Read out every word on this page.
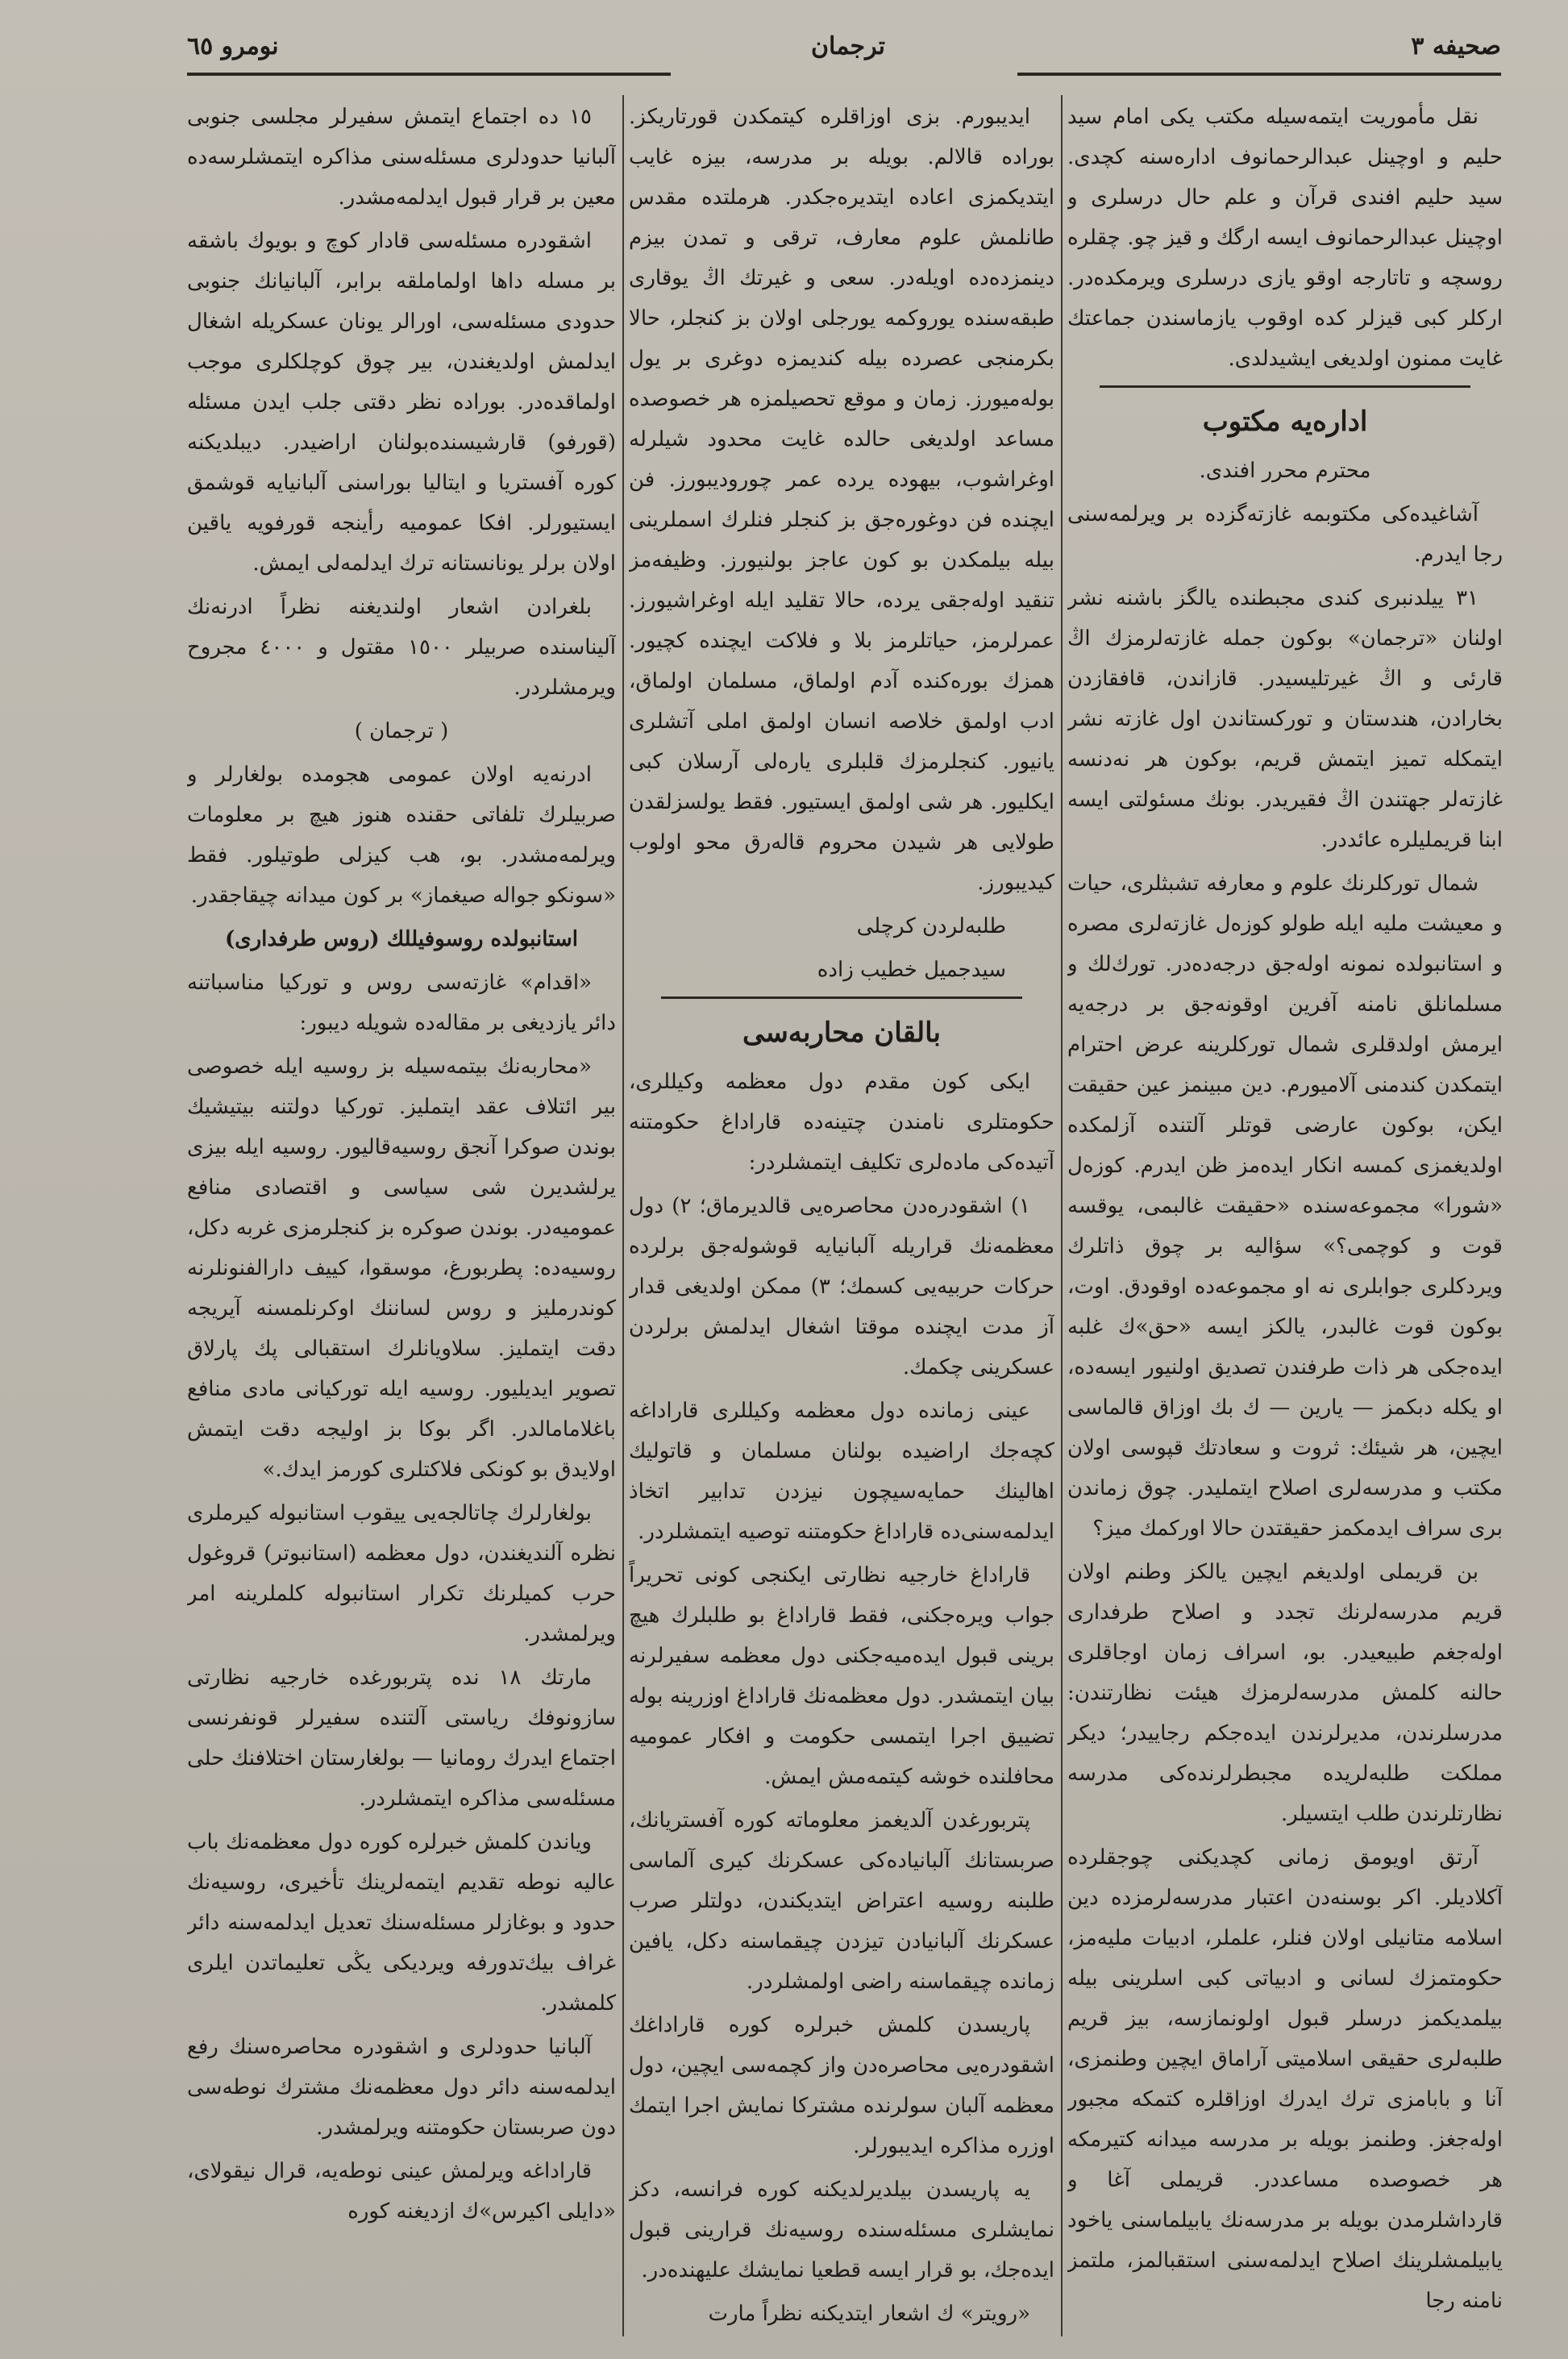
صحيفه ٣
ترجمان
نومرو ٦٥

نقل مأموريت ايتمه‌سيله مكتب يكى امام سيد حليم و اوچينل عبدالرحمانوف اداره‌سنه كچدى. سيد حليم افندى قرآن و علم حال درسلرى و اوچينل عبدالرحمانوف ايسه ارگك و قيز چو. چقلره روسچه و تاتارجه اوقو يازى درسلرى ويرمكده‌در. اركلر كبى قيزلر كده اوقوب يازماسندن جماعتك غايت ممنون اولديغى ايشيدلدى.

اداره‌يه مكتوب

محترم محرر افندى.

آشاغيده‌كى مكتوبمه غازته‌گزده بر ويرلمه‌سنى رجا ايدرم.

٣١ ييلدنبرى كندى مجبطنده يالگز باشنه نشر اولنان «ترجمان» بوكون جمله غازته‌لرمزك اڭ قارئى و اڭ غيرتليسيدر. قازاندن، قافقازدن بخارادن، هندستان و توركستاندن اول غازته نشر ايتمكله تميز ايتمش قريم، بوكون هر نه‌دنسه غازته‌لر جهتندن اڭ فقيريدر. بونك مسئولتى ايسه ابنا قريمليلره عائددر.

شمال توركلرنك علوم و معارفه تشبثلرى، حيات و معيشت مليه ايله طولو كوزه‌ل غازته‌لرى مصره و استانبولده نمونه اوله‌جق درجه‌ده‌در. تورك‌لك و مسلمانلق نامنه آفرين اوقونه‌جق بر درجه‌يه ايرمش اولدقلرى شمال توركلرينه عرض احترام ايتمكدن كندمنى آلاميورم. دين مبينمز عين حقيقت ايكن، بوكون عارضى قوتلر آلتنده آزلمكده اولديغمزى كمسه انكار ايده‌مز ظن ايدرم. كوزه‌ل «شورا» مجموعه‌سنده «حقيقت غالبمى، يوقسه قوت و كوچمى؟» سؤاليه بر چوق ذاتلرك ويردكلرى جوابلرى نه او مجموعه‌ده اوقودق. اوت، بوكون قوت غالبدر، يالكز ايسه «حق»ك غلبه ايده‌جكى هر ذات طرفندن تصديق اولنيور ايسه‌ده، او يكله دبكمز — يارين — ك بك اوزاق قالماسى ايچين، هر شيئك: ثروت و سعادتك قپوسى اولان مكتب و مدرسه‌لرى اصلاح ايتمليدر. چوق زماندن برى سراف ايدمكمز حقيقتدن حالا اوركمك ميز؟

بن قريملى اولديغم ايچين يالكز وطنم اولان قريم مدرسه‌لرنك تجدد و اصلاح طرفدارى اوله‌جغم طبيعيدر. بو، اسراف زمان اوجاقلرى حالنه كلمش مدرسه‌لرمزك هيئت نظارتندن: مدرسلرندن، مديرلرندن ايده‌جكم رجاييدر؛ ديكر مملكت طلبه‌لريده مجبطرلرنده‌كى مدرسه نظارتلرندن طلب ايتسيلر.

آرتق اويومق زمانى كچديكنى چوجقلرده آكلاديلر. اكر بوسنه‌دن اعتبار مدرسه‌لرمزده دين اسلامه متانيلى اولان فنلر، علملر، ادبيات مليه‌مز، حكومتمزك لسانى و ادبياتى كبى اسلرينى بيله بيلمديكمز درسلر قبول اولونمازسه، بيز قريم طلبه‌لرى حقيقى اسلاميتى آراماق ايچين وطنمزى، آنا و بابامزى ترك ايدرك اوزاقلره كتمكه مجبور اوله‌جغز. وطنمز بويله بر مدرسه ميدانه كتيرمكه هر خصوصده مساعددر. قريملى آغا و قارداشلرمدن بويله بر مدرسه‌نك يابيلماسنى ياخود يابيلمشلرينك اصلاح ايدلمه‌سنى استقبالمز، ملتمز نامنه رجا

ايديبورم. بزى اوزاقلره كيتمكدن قورتاريكز. بوراده قالالم. بويله بر مدرسه، بيزه غايب ايتديكمزى اعاده ايتديره‌جكدر. هرملتده مقدس طانلمش علوم معارف، ترقى و تمدن بيزم دينمزده‌ده اويله‌در. سعى و غيرتك اڭ يوقارى طبقه‌سنده يوروكمه يورجلى اولان بز كنجلر، حالا بكرمنجى عصرده بيله كنديمزه دوغرى بر يول بوله‌ميورز. زمان و موقع تحصيلمزه هر خصوصده مساعد اولديغى حالده غايت محدود شيلرله اوغراشوب، بيهوده يرده عمر چوروديبورز. فن ايچنده فن دوغوره‌جق بز كنجلر فنلرك اسملرينى بيله بيلمكدن بو كون عاجز بولنيورز. وظيفه‌مز تنقيد اوله‌جقى يرده، حالا تقليد ايله اوغراشيورز. عمرلرمز، حياتلرمز بلا و فلاكت ايچنده كچيور. همزك بوره‌كنده آدم اولماق، مسلمان اولماق، ادب اولمق خلاصه انسان اولمق املى آتشلرى يانيور. كنجلرمزك قلبلرى ياره‌لى آرسلان كبى ايكليور. هر شى اولمق ايستيور. فقط يولسزلقدن طولايى هر شيدن محروم قالەرق محو اولوب كيديبورز.

طلبه‌لردن كرچلى

سيدجميل خطيب زاده

بالقان محاربه‌سى

ايكى كون مقدم دول معظمه وكيللرى، حكومتلرى نامندن چتينه‌ده قاراداغ حكومتنه آتيده‌كى ماده‌لرى تكليف ايتمشلردر:

١) اشقودره‌دن محاصره‌يى قالديرماق؛ ٢) دول معظمه‌نك قراريله آلبانيايه قوشوله‌جق برلرده حركات حربيه‌يى كسمك؛ ٣) ممكن اولديغى قدار آز مدت ايچنده موقتا اشغال ايدلمش برلردن عسكرينى چكمك.

عينى زمانده دول معظمه وكيللرى قاراداغه كچه‌جك اراضيده بولنان مسلمان و قاتوليك اهالينك حمايه‌سيچون نيزدن تدابير اتخاذ ايدلمه‌سنى‌ده قاراداغ حكومتنه توصيه ايتمشلردر.

قاراداغ خارجيه نظارتى ايكنجى كونى تحريراً جواب ويره‌جكنى، فقط قاراداغ بو طلبلرك هيچ برينى قبول ايده‌ميه‌جكنى دول معظمه سفيرلرنه بيان ايتمشدر. دول معظمه‌نك قاراداغ اوزرينه بوله تضييق اجرا ايتمسى حكومت و افكار عموميه محافلنده خوشه كيتمه‌مش ايمش.

پتربورغدن آلديغمز معلوماته كوره آفستريانك، صربستانك آلبانياده‌كى عسكرنك كيرى آلماسى طلبنه روسيه اعتراض ايتديكندن، دولتلر صرب عسكرنك آلبانيادن تيزدن چيقماسنه دكل، يافين زمانده چيقماسنه راضى اولمشلردر.

پاريسدن كلمش خبرلره كوره قاراداغك اشقودره‌يى محاصره‌دن واز كچمه‌سى ايچين، دول معظمه آلبان سولرنده مشتركا نمايش اجرا ايتمك اوزره مذاكره ايديبورلر.

يه پاريسدن بيلديرلديكنه كوره فرانسه، دكز نمايشلرى مسئله‌سنده روسيه‌نك قرارينى قبول ايده‌جك، بو قرار ايسه قطعيا نمايشك عليهنده‌در.

«رويتر» ك اشعار ايتديكنه نظراً مارت

١٥ ده اجتماع ايتمش سفيرلر مجلسى جنوبى آلبانيا حدودلرى مسئله‌سنى مذاكره ايتمشلرسه‌ده معين بر قرار قبول ايدلمه‌مشدر.

اشقودره مسئله‌سى قادار كوچ و بويوك باشقه بر مسله داها اولماملقه برابر، آلبانيانك جنوبى حدودى مسئله‌سى، اورالر يونان عسكريله اشغال ايدلمش اولديغندن، بير چوق كوچلكلرى موجب اولماقده‌در. بوراده نظر دقتى جلب ايدن مسئله (قورفو) قارشيسنده‌بولنان اراضيدر. ديبلديكنه كوره آفستريا و ايتاليا بوراسنى آلبانيايه قوشمق ايستيورلر. افكا عموميه رأينجه قورفويه ياقين اولان برلر يونانستانه ترك ايدلمه‌لى ايمش.

بلغرادن اشعار اولنديغنه نظراً ادرنه‌نك آليناسنده صربيلر ١٥٠٠ مقتول و ٤٠٠٠ مجروح ويرمشلردر.

( ترجمان )

ادرنه‌يه اولان عمومى هجومده بولغارلر و صربيلرك تلفاتى حقنده هنوز هيچ بر معلومات ويرلمه‌مشدر. بو، هب كيزلى طوتيلور. فقط «سونكو جواله صيغماز» بر كون ميدانه چيقاجقدر.

استانبولده روسوفيللك (روس طرفدارى)

«اقدام» غازته‌سى روس و توركيا مناسباتنه دائر يازديغى بر مقاله‌ده شويله ديبور:

«محاربه‌نك بيتمه‌سيله بز روسيه ايله خصوصى بير ائتلاف عقد ايتمليز. توركيا دولتنه بيتيشيك بوندن صوكرا آنجق روسيه‌قاليور. روسيه ايله بيزى يرلشديرن شى سياسى و اقتصادى منافع عموميه‌در. بوندن صوكره بز كنجلرمزى غربه دكل، روسيه‌ده: پطربورغ، موسقوا، كييف دارالفنونلرنه كوندرمليز و روس لساننك اوكرنلمسنه آيريجه دقت ايتمليز. سلاويانلرك استقبالى پك پارلاق تصوير ايديليور. روسيه ايله توركيانى مادى منافع باغلامامالدر. اگر بوكا بز اوليجه دقت ايتمش اولايدق بو كونكى فلاكتلرى كورمز ايدك.»

بولغارلرك چاتالجه‌يى ييقوب استانبوله كيرملرى نظره آلنديغندن، دول معظمه (استانبوتر) قروغول حرب كميلرنك تكرار استانبوله كلملرينه امر ويرلمشدر.

مارتك ١٨ نده پتربورغده خارجيه نظارتى سازونوفك رياستى آلتنده سفيرلر قونفرنسى اجتماع ايدرك رومانيا — بولغارستان اختلافنك حلى مسئله‌سى مذاكره ايتمشلردر.

وياندن كلمش خبرلره كوره دول معظمه‌نك باب عاليه نوطه تقديم ايتمه‌لرينك تأخيرى، روسيه‌نك حدود و بوغازلر مسئله‌سنك تعديل ايدلمه‌سنه دائر غراف بيك‌تدورفه ويرديكى يڭى تعليماتدن ايلرى كلمشدر.

آلبانيا حدودلرى و اشقودره محاصره‌سنك رفع ايدلمه‌سنه دائر دول معظمه‌نك مشترك نوطه‌سى دون صربستان حكومتنه ويرلمشدر.

قاراداغه ويرلمش عينى نوطه‌يه، قرال نيقولاى، «دايلى اكيرس»ك ازديغنه كوره
